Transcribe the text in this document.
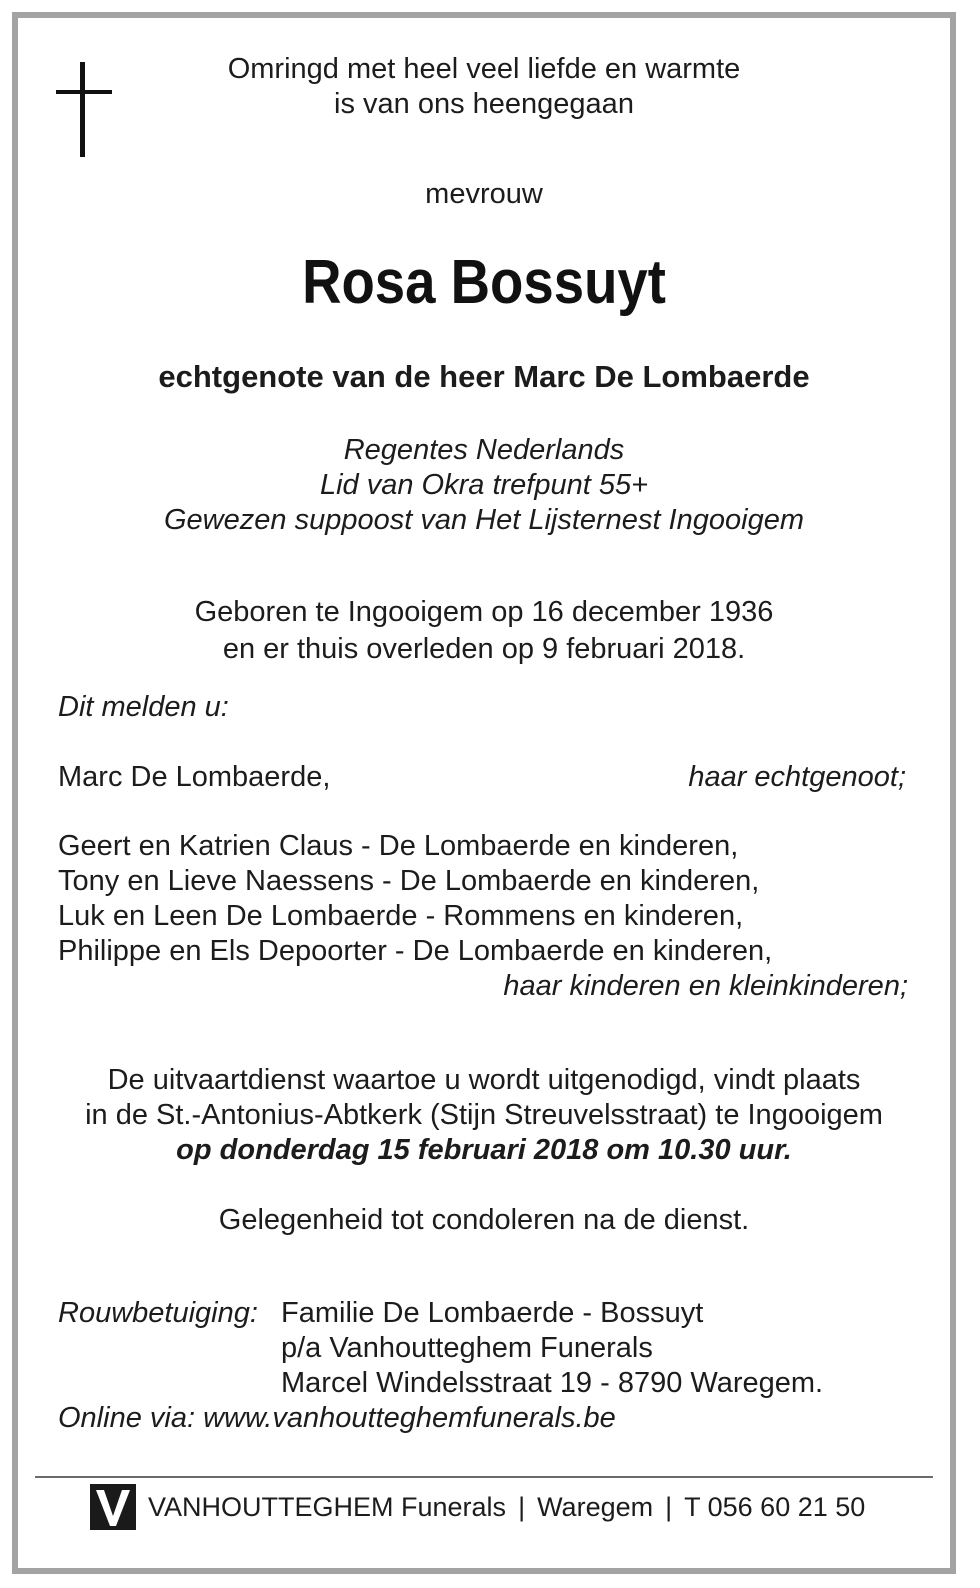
Omringd met heel veel liefde en warmte
is van ons heengegaan
mevrouw
Rosa Bossuyt
echtgenote van de heer Marc De Lombaerde
Regentes Nederlands
Lid van Okra trefpunt 55+
Gewezen suppoost van Het Lijsternest Ingooigem
Geboren te Ingooigem op 16 december 1936
en er thuis overleden op 9 februari 2018.
Dit melden u:
Marc De Lombaerde,	haar echtgenoot;
Geert en Katrien Claus - De Lombaerde en kinderen,
Tony en Lieve Naessens - De Lombaerde en kinderen,
Luk en Leen De Lombaerde - Rommens en kinderen,
Philippe en Els Depoorter - De Lombaerde en kinderen,
haar kinderen en kleinkinderen;
De uitvaartdienst waartoe u wordt uitgenodigd, vindt plaats
in de St.-Antonius-Abtkerk (Stijn Streuvelsstraat) te Ingooigem
op donderdag 15 februari 2018 om 10.30 uur.
Gelegenheid tot condoleren na de dienst.
Rouwbetuiging: Familie De Lombaerde - Bossuyt
p/a Vanhoutteghem Funerals
Marcel Windelsstraat 19 - 8790 Waregem.
Online via: www.vanhoutteghemfunerals.be
VANHOUTTEGHEM Funerals | Waregem | T 056 60 21 50
